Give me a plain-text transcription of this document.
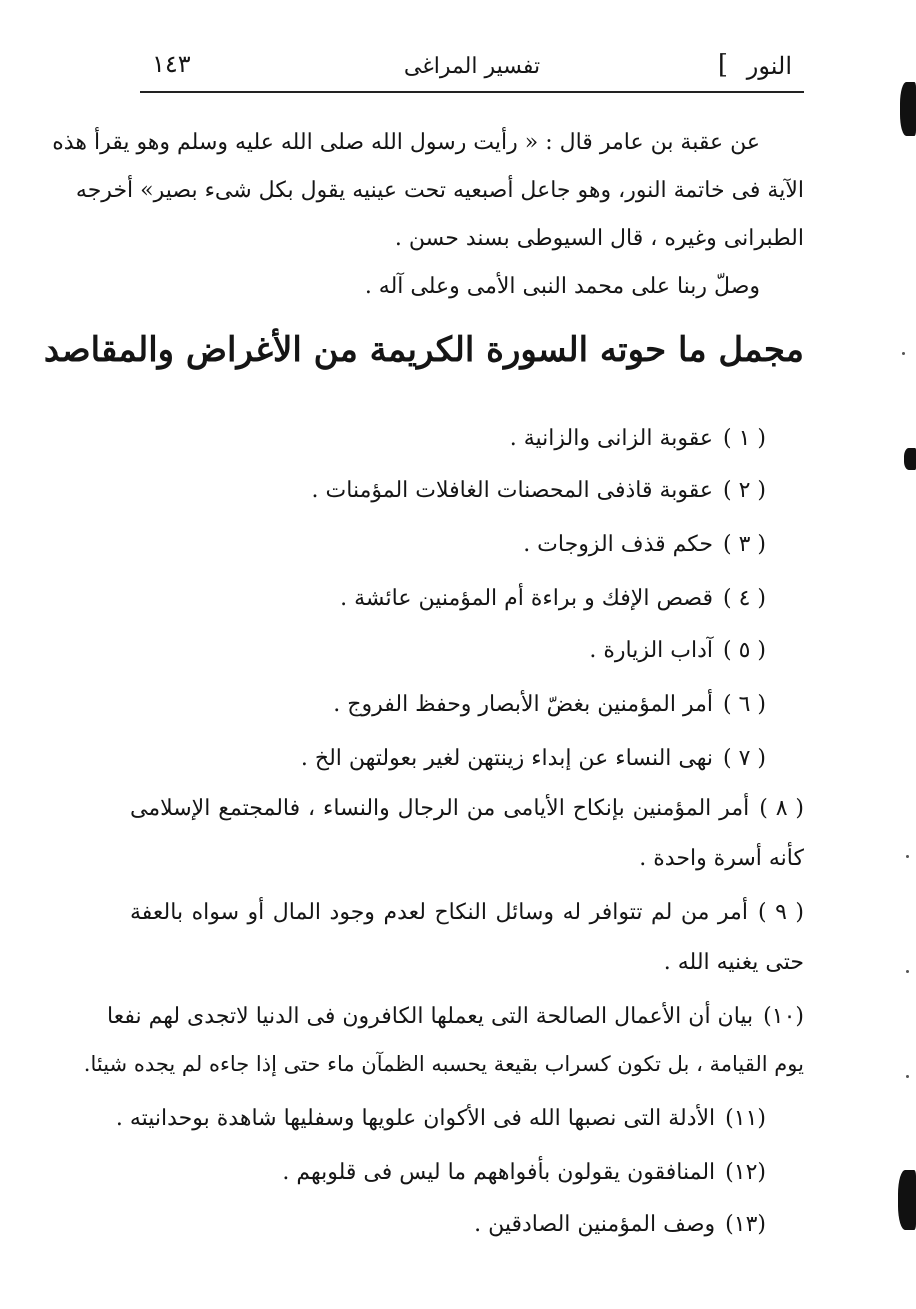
النور
]
تفسير المراغى
١٤٣
عن عقبة بن عامر قال : « رأيت رسول الله صلى الله عليه وسلم وهو يقرأ هذه
الآية فى خاتمة النور، وهو جاعل أصبعيه تحت عينيه يقول بكل شىء بصير» أخرجه
الطبرانى وغيره ، قال السيوطى بسند حسن .
وصلّ ربنا على محمد النبى الأمى وعلى آله .
مجمل ما حوته السورة الكريمة من الأغراض والمقاصد
( ١ )عقوبة الزانى والزانية .
( ٢ )عقوبة قاذفى المحصنات الغافلات المؤمنات .
( ٣ )حكم قذف الزوجات .
( ٤ )قصص الإفك و براءة أم المؤمنين عائشة .
( ٥ )آداب الزيارة .
( ٦ )أمر المؤمنين بغضّ الأبصار وحفظ الفروج .
( ٧ )نهى النساء عن إبداء زينتهن لغير بعولتهن الخ .
( ٨ )أمر المؤمنين بإنكاح الأيامى من الرجال والنساء ، فالمجتمع الإسلامى
كأنه أسرة واحدة .
( ٩ )أمر من لم تتوافر له وسائل النكاح لعدم وجود المال أو سواه بالعفة
حتى يغنيه الله .
(١٠)بيان أن الأعمال الصالحة التى يعملها الكافرون فى الدنيا لاتجدى لهم نفعا
يوم القيامة ، بل تكون كسراب بقيعة يحسبه الظمآن ماء حتى إذا جاءه لم يجده شيئا.
(١١)الأدلة التى نصبها الله فى الأكوان علويها وسفليها شاهدة بوحدانيته .
(١٢)المنافقون يقولون بأفواههم ما ليس فى قلوبهم .
(١٣)وصف المؤمنين الصادقين .
